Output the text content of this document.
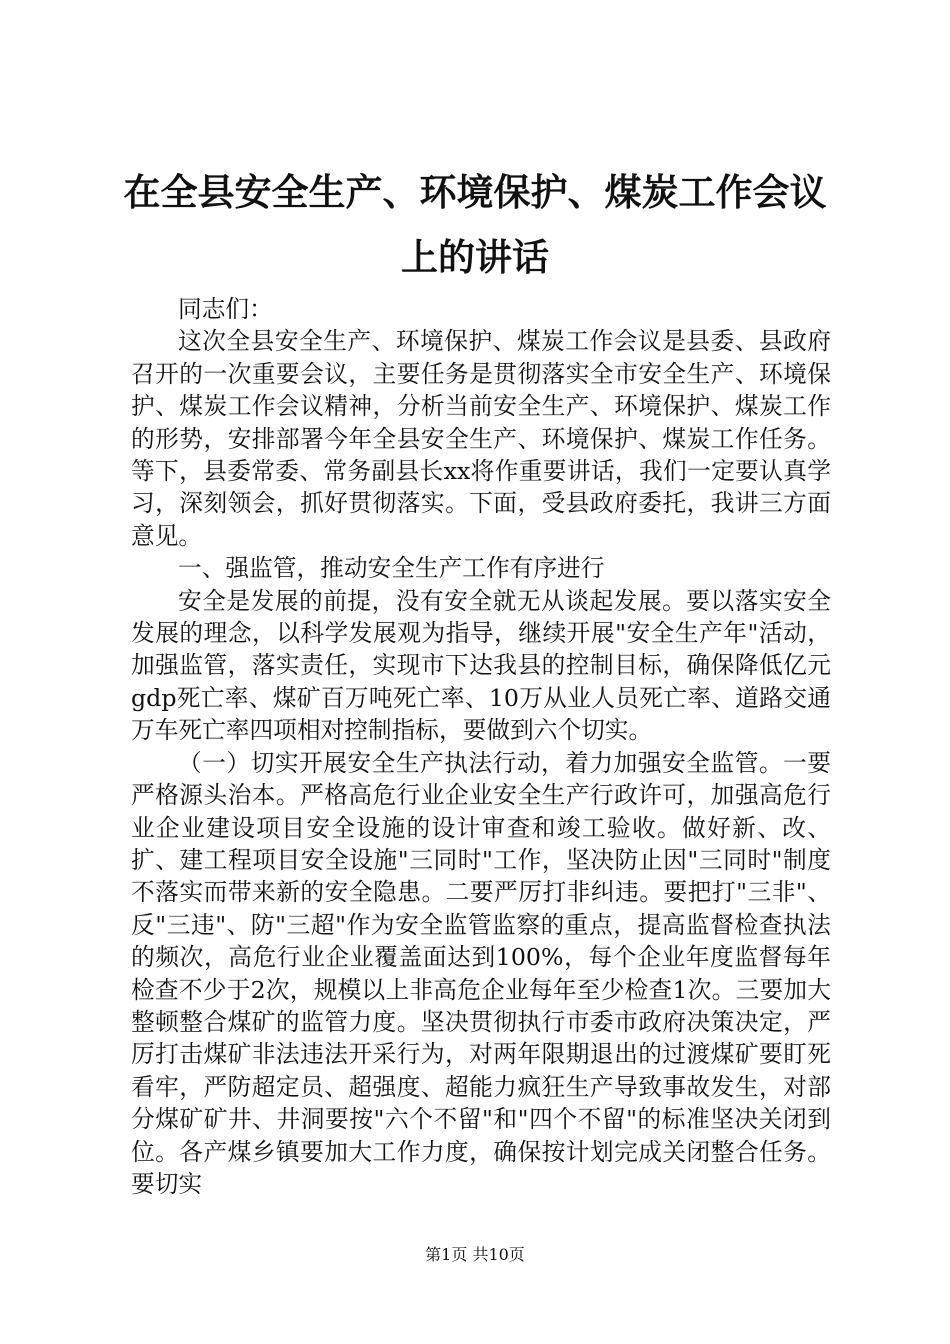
在全县安全生产、环境保护、煤炭工作会议上的讲话

同志们：

这次全县安全生产、环境保护、煤炭工作会议是县委、县政府召开的一次重要会议，主要任务是贯彻落实全市安全生产、环境保护、煤炭工作会议精神，分析当前安全生产、环境保护、煤炭工作的形势，安排部署今年全县安全生产、环境保护、煤炭工作任务。等下，县委常委、常务副县长xx将作重要讲话，我们一定要认真学习，深刻领会，抓好贯彻落实。下面，受县政府委托，我讲三方面意见。

一、强监管，推动安全生产工作有序进行

安全是发展的前提，没有安全就无从谈起发展。要以落实安全发展的理念，以科学发展观为指导，继续开展"安全生产年"活动，加强监管，落实责任，实现市下达我县的控制目标，确保降低亿元gdp死亡率、煤矿百万吨死亡率、10万从业人员死亡率、道路交通万车死亡率四项相对控制指标，要做到六个切实。

（一）切实开展安全生产执法行动，着力加强安全监管。一要严格源头治本。严格高危行业企业安全生产行政许可，加强高危行业企业建设项目安全设施的设计审查和竣工验收。做好新、改、扩、建工程项目安全设施"三同时"工作，坚决防止因"三同时"制度不落实而带来新的安全隐患。二要严厉打非纠违。要把打"三非"、反"三违"、防"三超"作为安全监管监察的重点，提高监督检查执法的频次，高危行业企业覆盖面达到100%，每个企业年度监督每年检查不少于2次，规模以上非高危企业每年至少检查1次。三要加大整顿整合煤矿的监管力度。坚决贯彻执行市委市政府决策决定，严厉打击煤矿非法违法开采行为，对两年限期退出的过渡煤矿要盯死看牢，严防超定员、超强度、超能力疯狂生产导致事故发生，对部分煤矿矿井、井洞要按"六个不留"和"四个不留"的标准坚决关闭到位。各产煤乡镇要加大工作力度，确保按计划完成关闭整合任务。要切实

第1页 共10页
